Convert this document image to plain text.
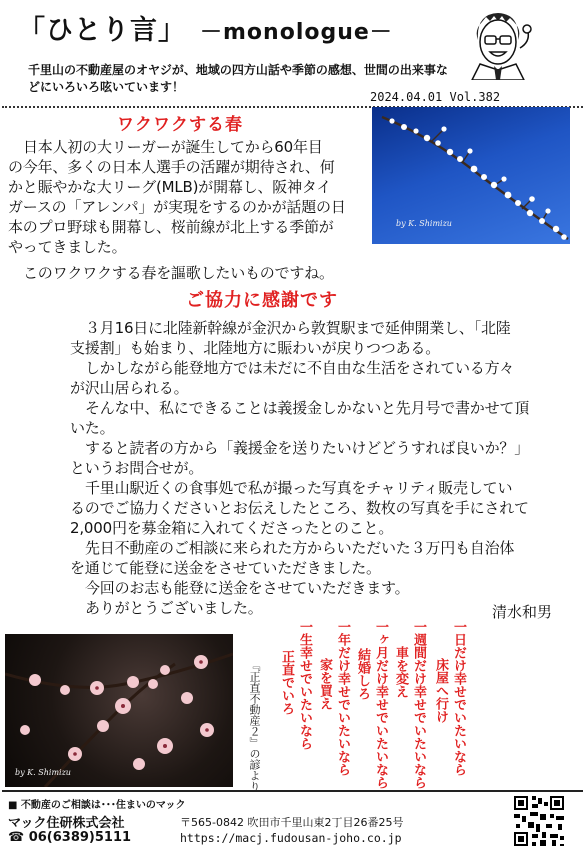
「ひとり言」 －monologue－
千里山の不動産屋のオヤジが、地域の四方山話や季節の感想、世間の出来事などにいろいろ呟いています！
2024.04.01 Vol.382
ワクワクする春
by K. Shimizu
日本人初の大リーガーが誕生してから60年目
の今年、多くの日本人選手の活躍が期待され、何
かと賑やかな大リーグ(MLB)が開幕し、阪神タイ
ガースの「アレンパ」が実現をするのかが話題の日
本のプロ野球も開幕し、桜前線が北上する季節が
やってきました。
このワクワクする春を謳歌したいものですね。
ご協力に感謝です
３月16日に北陸新幹線が金沢から敦賀駅まで延伸開業し、「北陸
支援割」も始まり、北陸地方に賑わいが戻りつつある。
しかしながら能登地方では未だに不自由な生活をされている方々
が沢山居られる。
そんな中、私にできることは義援金しかないと先月号で書かせて頂
いた。
すると読者の方から「義援金を送りたいけどどうすれば良いか？」
というお問合せが。
千里山駅近くの食事処で私が撮った写真をチャリティ販売してい
るのでご協力くださいとお伝えしたところ、数枚の写真を手にされて
2,000円を募金箱に入れてくださったとのこと。
先日不動産のご相談に来られた方からいただいた３万円も自治体
を通じて能登に送金をさせていただきました。
今回のお志も能登に送金をさせていただきます。
ありがとうございました。	清水和男
by K. Shimizu	『正直不動産２』の諺より	一日だけ幸せでいたいなら
床屋へ行け
一週間だけ幸せでいたいなら
車を変え
一ヶ月だけ幸せでいたいなら
結婚しろ
一年だけ幸せでいたいなら
家を買え
一生幸せでいたいなら
正直でいろ
■ 不動産のご相談は･･･住まいのマック
マック住研株式会社
☎ 06(6389)5111
〒565-0842 吹田市千里山東2丁目26番25号
https://macj.fudousan-joho.co.jp
